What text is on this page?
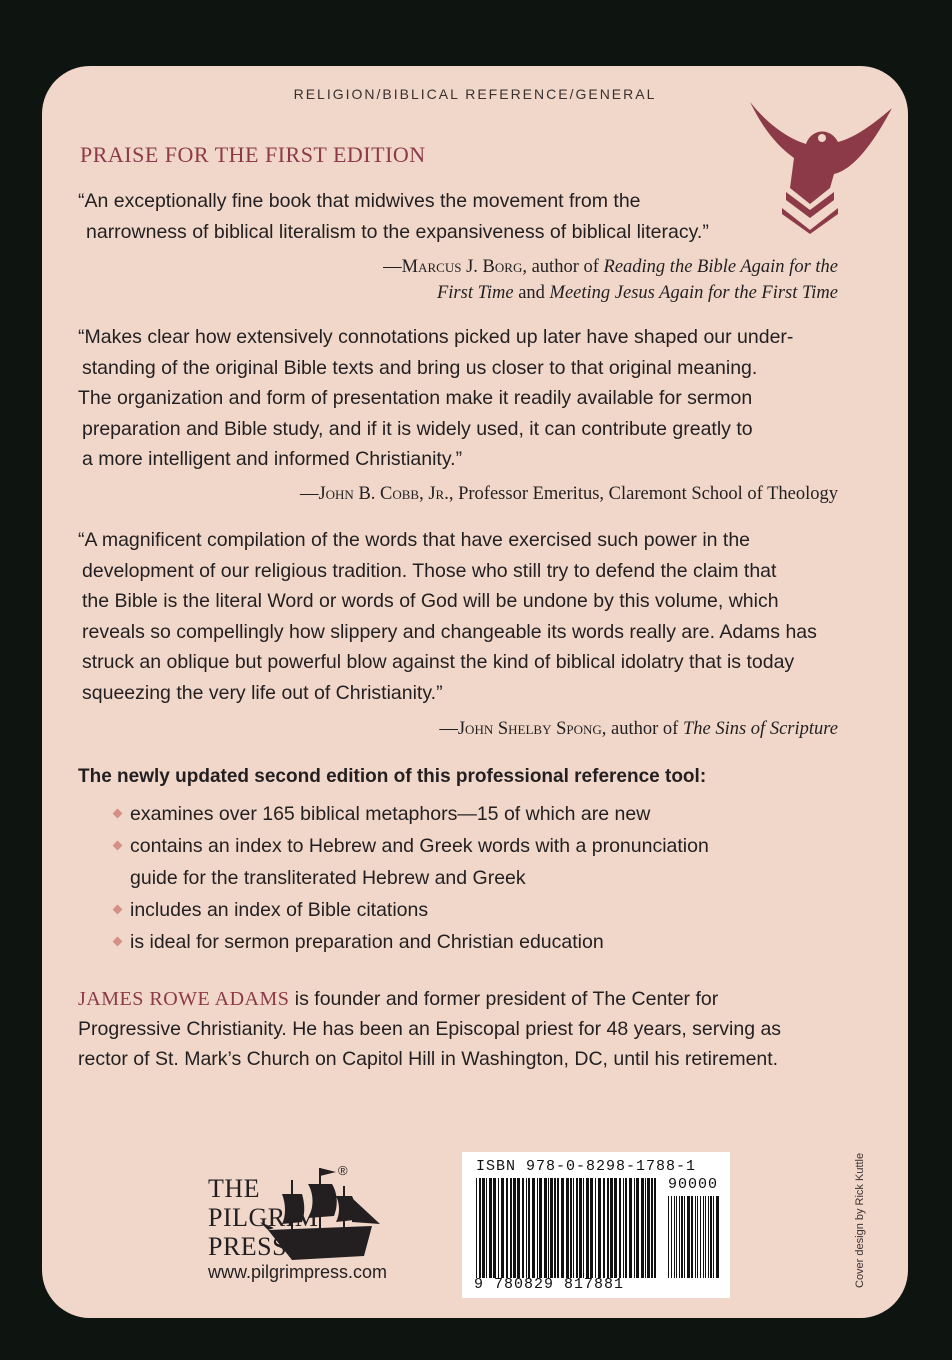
RELIGION/BIBLICAL REFERENCE/GENERAL
PRAISE FOR THE FIRST EDITION
“An exceptionally fine book that midwives the movement from the
narrowness of biblical literalism to the expansiveness of biblical literacy.”
—Marcus J. Borg, author of Reading the Bible Again for the
First Time and Meeting Jesus Again for the First Time
“Makes clear how extensively connotations picked up later have shaped our under-
standing of the original Bible texts and bring us closer to that original meaning.
The organization and form of presentation make it readily available for sermon
preparation and Bible study, and if it is widely used, it can contribute greatly to
a more intelligent and informed Christianity.”
—John B. Cobb, Jr., Professor Emeritus, Claremont School of Theology
“A magnificent compilation of the words that have exercised such power in the
development of our religious tradition. Those who still try to defend the claim that
the Bible is the literal Word or words of God will be undone by this volume, which
reveals so compellingly how slippery and changeable its words really are. Adams has
struck an oblique but powerful blow against the kind of biblical idolatry that is today
squeezing the very life out of Christianity.”
—John Shelby Spong, author of The Sins of Scripture
The newly updated second edition of this professional reference tool:
examines over 165 biblical metaphors—15 of which are new
contains an index to Hebrew and Greek words with a pronunciation
guide for the transliterated Hebrew and Greek
includes an index of Bible citations
is ideal for sermon preparation and Christian education
JAMES ROWE ADAMS is founder and former president of The Center for
Progressive Christianity. He has been an Episcopal priest for 48 years, serving as
rector of St. Mark’s Church on Capitol Hill in Washington, DC, until his retirement.
®
THE
PILGRIM
PRESS
www.pilgrimpress.com
ISBN 978-0-8298-1788-1
90000
9 780829 817881	Cover design by Rick Kuttle
